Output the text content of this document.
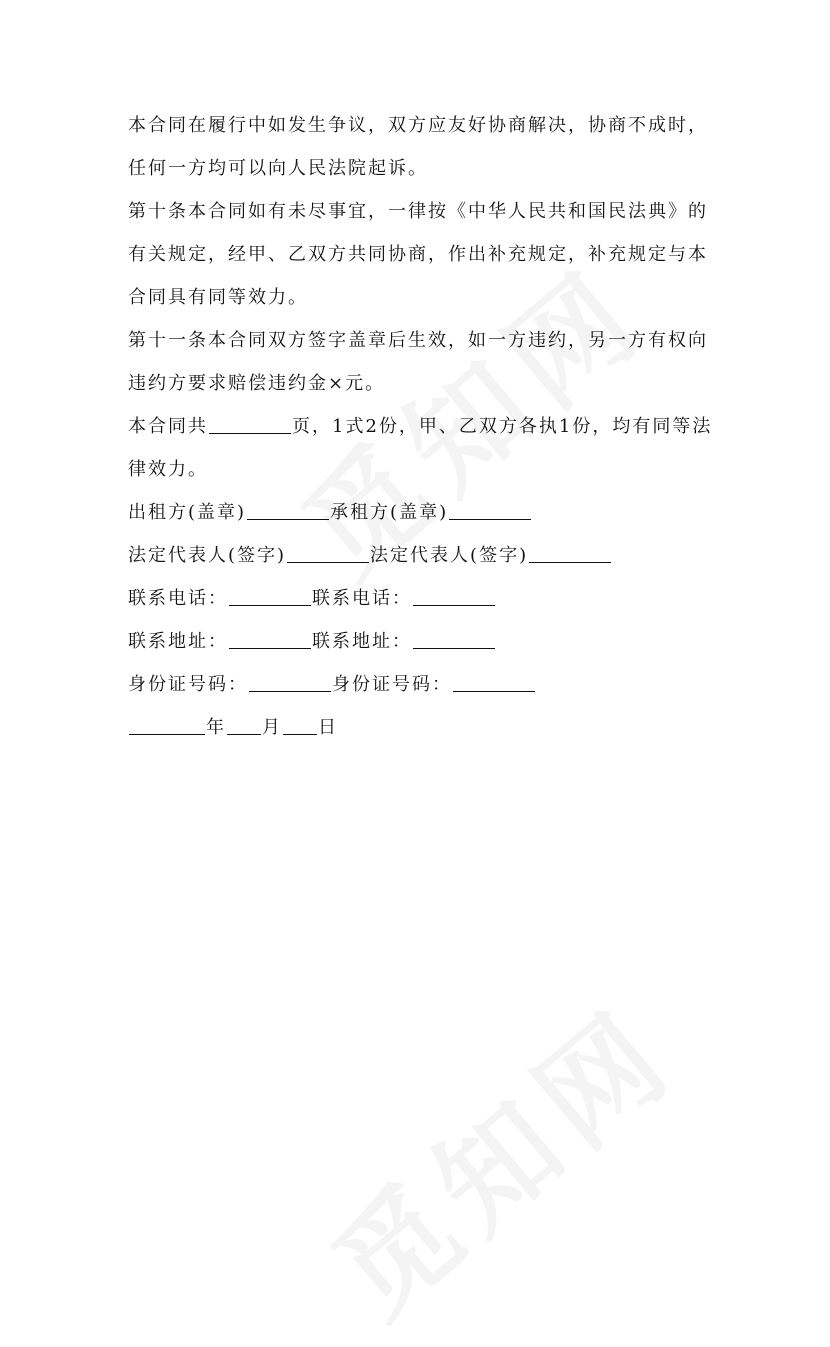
本合同在履行中如发生争议，双方应友好协商解决，协商不成时，任何一方均可以向人民法院起诉。

第十条本合同如有未尽事宜，一律按《中华人民共和国民法典》的有关规定，经甲、乙双方共同协商，作出补充规定，补充规定与本合同具有同等效力。

第十一条本合同双方签字盖章后生效，如一方违约，另一方有权向违约方要求赔偿违约金×元。

本合同共	页，1式2份，甲、乙双方各执1份，均有同等法律效力。

出租方(盖章)	承租方(盖章)
法定代表人(签字)	法定代表人(签字)
联系电话：	联系电话：
联系地址：	联系地址：
身份证号码：	身份证号码：
年 月 日
